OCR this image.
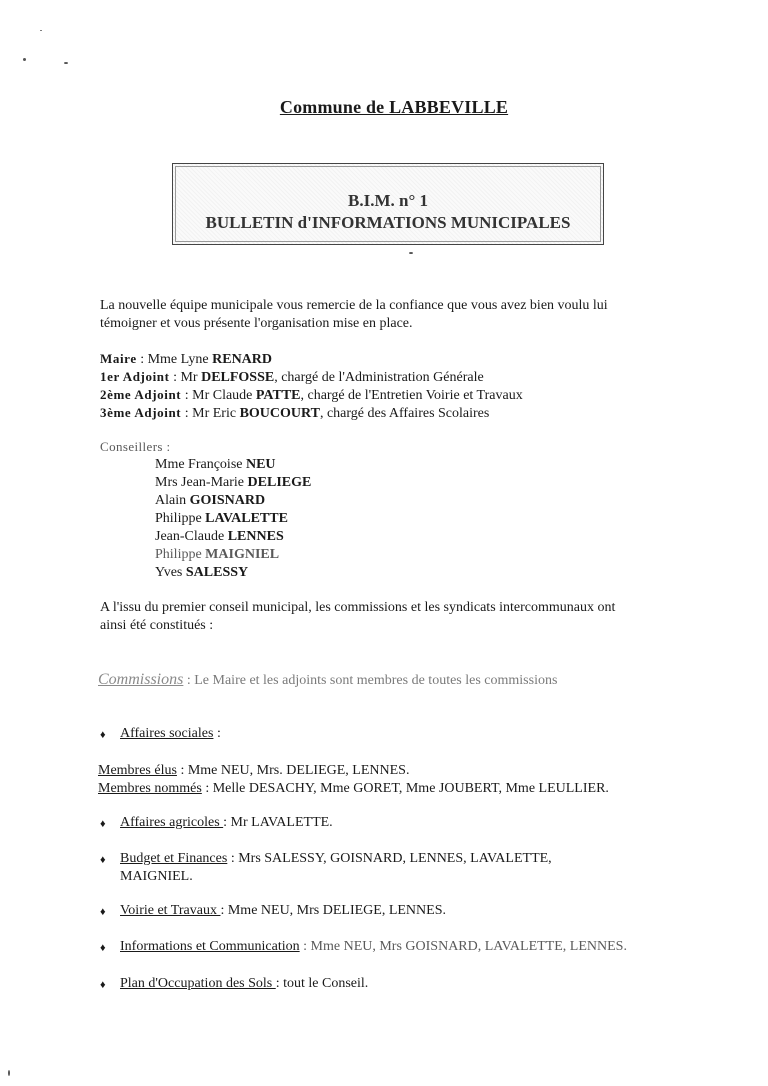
Commune de LABBEVILLE
B.I.M. n° 1
BULLETIN d'INFORMATIONS MUNICIPALES
La nouvelle équipe municipale vous remercie de la confiance que vous avez bien voulu lui
témoigner et vous présente l'organisation mise en place.
Maire : Mme Lyne RENARD
1er Adjoint : Mr DELFOSSE, chargé de l'Administration Générale
2ème Adjoint : Mr Claude PATTE, chargé de l'Entretien Voirie et Travaux
3ème Adjoint : Mr Eric BOUCOURT, chargé des Affaires Scolaires
Conseillers :
Mme Françoise NEU
Mrs Jean-Marie DELIEGE
Alain GOISNARD
Philippe LAVALETTE
Jean-Claude LENNES
Philippe MAIGNIEL
Yves SALESSY
A l'issu du premier conseil municipal, les commissions et les syndicats intercommunaux ont
ainsi été constitués :
Commissions : Le Maire et les adjoints sont membres de toutes les commissions
♦ Affaires sociales :
Membres élus : Mme NEU, Mrs. DELIEGE, LENNES.
Membres nommés : Melle DESACHY, Mme GORET, Mme JOUBERT, Mme LEULLIER.
♦ Affaires agricoles : Mr LAVALETTE.
♦ Budget et Finances : Mrs SALESSY, GOISNARD, LENNES, LAVALETTE,
MAIGNIEL.
♦ Voirie et Travaux : Mme NEU, Mrs DELIEGE, LENNES.
♦ Informations et Communication : Mme NEU, Mrs GOISNARD, LAVALETTE, LENNES.
♦ Plan d'Occupation des Sols : tout le Conseil.
